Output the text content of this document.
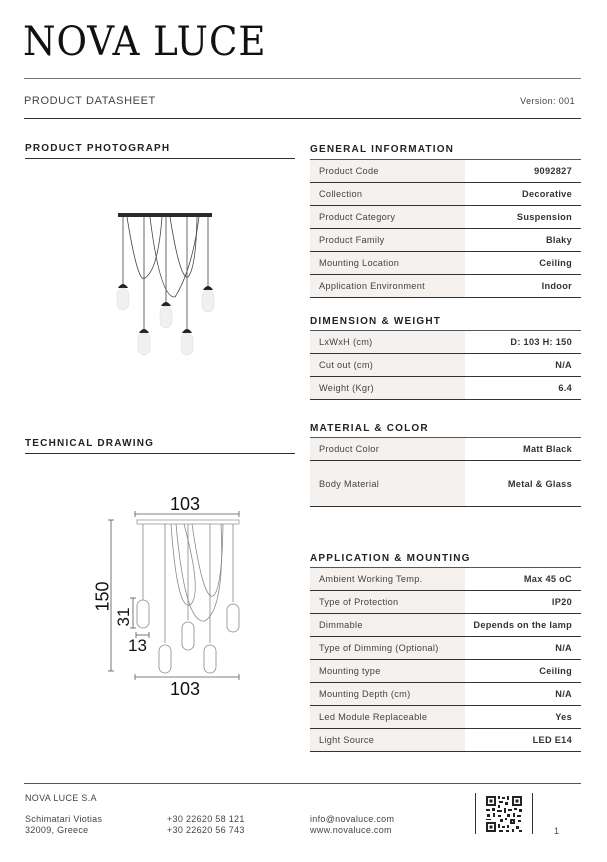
NOVA LUCE
PRODUCT DATASHEET	Version: 001
PRODUCT PHOTOGRAPH
TECHNICAL DRAWING
103
103
150
31
13
GENERAL INFORMATION
Product Code	9092827
Collection	Decorative
Product Category	Suspension
Product Family	Blaky
Mounting Location	Ceiling
Application Environment	Indoor
DIMENSION & WEIGHT
LxWxH (cm)	D: 103 H: 150
Cut out (cm)	N/A
Weight (Kgr)	6.4
MATERIAL & COLOR
Product Color	Matt Black
Body Material	Metal & Glass
APPLICATION & MOUNTING
Ambient Working Temp.	Max 45 oC
Type of Protection	IP20
Dimmable	Depends on the lamp
Type of Dimming (Optional)	N/A
Mounting type	Ceiling
Mounting Depth (cm)	N/A
Led Module Replaceable	Yes
Light Source	LED E14
NOVA LUCE S.A
Schimatari Viotias
32009, Greece
+30 22620 58 121
+30 22620 56 743
info@novaluce.com
www.novaluce.com	1
